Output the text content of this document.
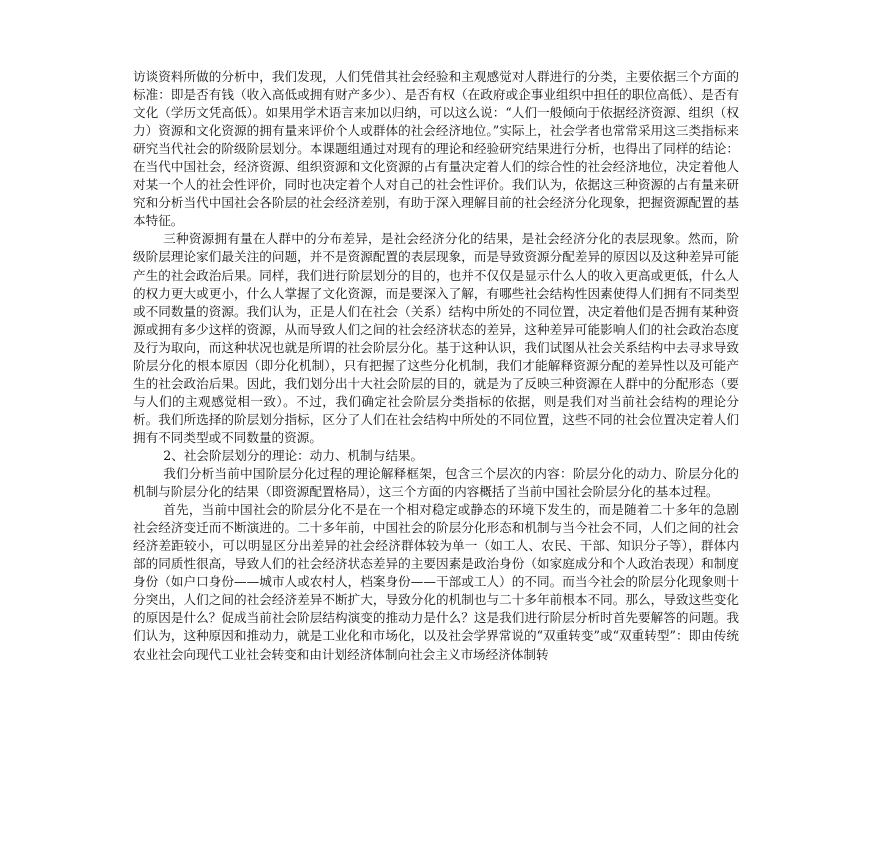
访谈资料所做的分析中，我们发现，人们凭借其社会经验和主观感觉对人群进行的分类，主要依据三个方面的标准：即是否有钱（收入高低或拥有财产多少）、是否有权（在政府或企事业组织中担任的职位高低）、是否有文化（学历文凭高低）。如果用学术语言来加以归纳，可以这么说：“人们一般倾向于依据经济资源、组织（权力）资源和文化资源的拥有量来评价个人或群体的社会经济地位。”实际上，社会学者也常常采用这三类指标来研究当代社会的阶级阶层划分。本课题组通过对现有的理论和经验研究结果进行分析，也得出了同样的结论：在当代中国社会，经济资源、组织资源和文化资源的占有量决定着人们的综合性的社会经济地位，决定着他人对某一个人的社会性评价，同时也决定着个人对自己的社会性评价。我们认为，依据这三种资源的占有量来研究和分析当代中国社会各阶层的社会经济差别，有助于深入理解目前的社会经济分化现象，把握资源配置的基本特征。

三种资源拥有量在人群中的分布差异，是社会经济分化的结果，是社会经济分化的表层现象。然而，阶级阶层理论家们最关注的问题，并不是资源配置的表层现象，而是导致资源分配差异的原因以及这种差异可能产生的社会政治后果。同样，我们进行阶层划分的目的，也并不仅仅是显示什么人的收入更高或更低，什么人的权力更大或更小，什么人掌握了文化资源，而是要深入了解，有哪些社会结构性因素使得人们拥有不同类型或不同数量的资源。我们认为，正是人们在社会（关系）结构中所处的不同位置，决定着他们是否拥有某种资源或拥有多少这样的资源，从而导致人们之间的社会经济状态的差异，这种差异可能影响人们的社会政治态度及行为取向，而这种状况也就是所谓的社会阶层分化。基于这种认识，我们试图从社会关系结构中去寻求导致阶层分化的根本原因（即分化机制），只有把握了这些分化机制，我们才能解释资源分配的差异性以及可能产生的社会政治后果。因此，我们划分出十大社会阶层的目的，就是为了反映三种资源在人群中的分配形态（要与人们的主观感觉相一致）。不过，我们确定社会阶层分类指标的依据，则是我们对当前社会结构的理论分析。我们所选择的阶层划分指标，区分了人们在社会结构中所处的不同位置，这些不同的社会位置决定着人们拥有不同类型或不同数量的资源。

2、社会阶层划分的理论：动力、机制与结果。

我们分析当前中国阶层分化过程的理论解释框架，包含三个层次的内容：阶层分化的动力、阶层分化的机制与阶层分化的结果（即资源配置格局），这三个方面的内容概括了当前中国社会阶层分化的基本过程。

首先，当前中国社会的阶层分化不是在一个相对稳定或静态的环境下发生的，而是随着二十多年的急剧社会经济变迁而不断演进的。二十多年前，中国社会的阶层分化形态和机制与当今社会不同，人们之间的社会经济差距较小，可以明显区分出差异的社会经济群体较为单一（如工人、农民、干部、知识分子等），群体内部的同质性很高，导致人们的社会经济状态差异的主要因素是政治身份（如家庭成分和个人政治表现）和制度身份（如户口身份——城市人或农村人，档案身份——干部或工人）的不同。而当今社会的阶层分化现象则十分突出，人们之间的社会经济差异不断扩大，导致分化的机制也与二十多年前根本不同。那么，导致这些变化的原因是什么？促成当前社会阶层结构演变的推动力是什么？这是我们进行阶层分析时首先要解答的问题。我们认为，这种原因和推动力，就是工业化和市场化，以及社会学界常说的“双重转变”或“双重转型”：即由传统农业社会向现代工业社会转变和由计划经济体制向社会主义市场经济体制转
